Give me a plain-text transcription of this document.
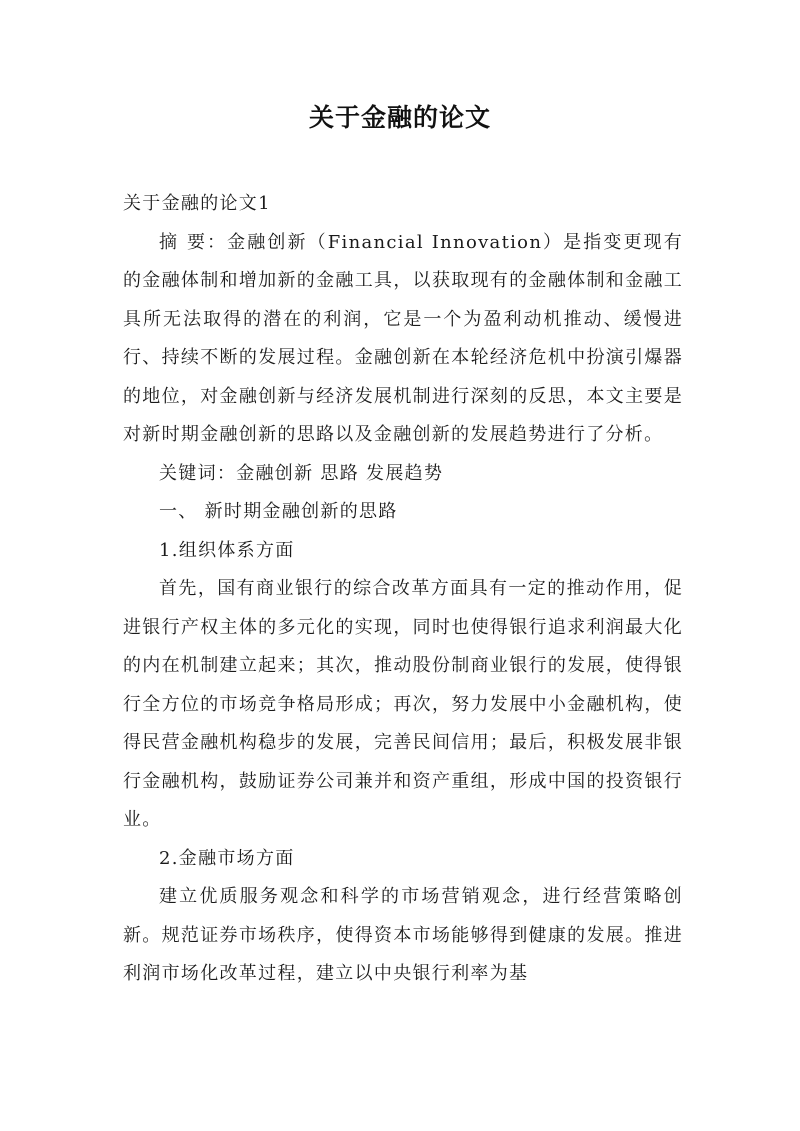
关于金融的论文

关于金融的论文1

摘 要：金融创新（Financial Innovation）是指变更现有的金融体制和增加新的金融工具，以获取现有的金融体制和金融工具所无法取得的潜在的利润，它是一个为盈利动机推动、缓慢进行、持续不断的发展过程。金融创新在本轮经济危机中扮演引爆器的地位，对金融创新与经济发展机制进行深刻的反思，本文主要是对新时期金融创新的思路以及金融创新的发展趋势进行了分析。

关键词：金融创新 思路 发展趋势

一、 新时期金融创新的思路

1.组织体系方面

首先，国有商业银行的综合改革方面具有一定的推动作用，促进银行产权主体的多元化的实现，同时也使得银行追求利润最大化的内在机制建立起来；其次，推动股份制商业银行的发展，使得银行全方位的市场竞争格局形成；再次，努力发展中小金融机构，使得民营金融机构稳步的发展，完善民间信用；最后，积极发展非银行金融机构，鼓励证券公司兼并和资产重组，形成中国的投资银行业。

2.金融市场方面

建立优质服务观念和科学的市场营销观念，进行经营策略创新。规范证券市场秩序，使得资本市场能够得到健康的发展。推进利润市场化改革过程，建立以中央银行利率为基
